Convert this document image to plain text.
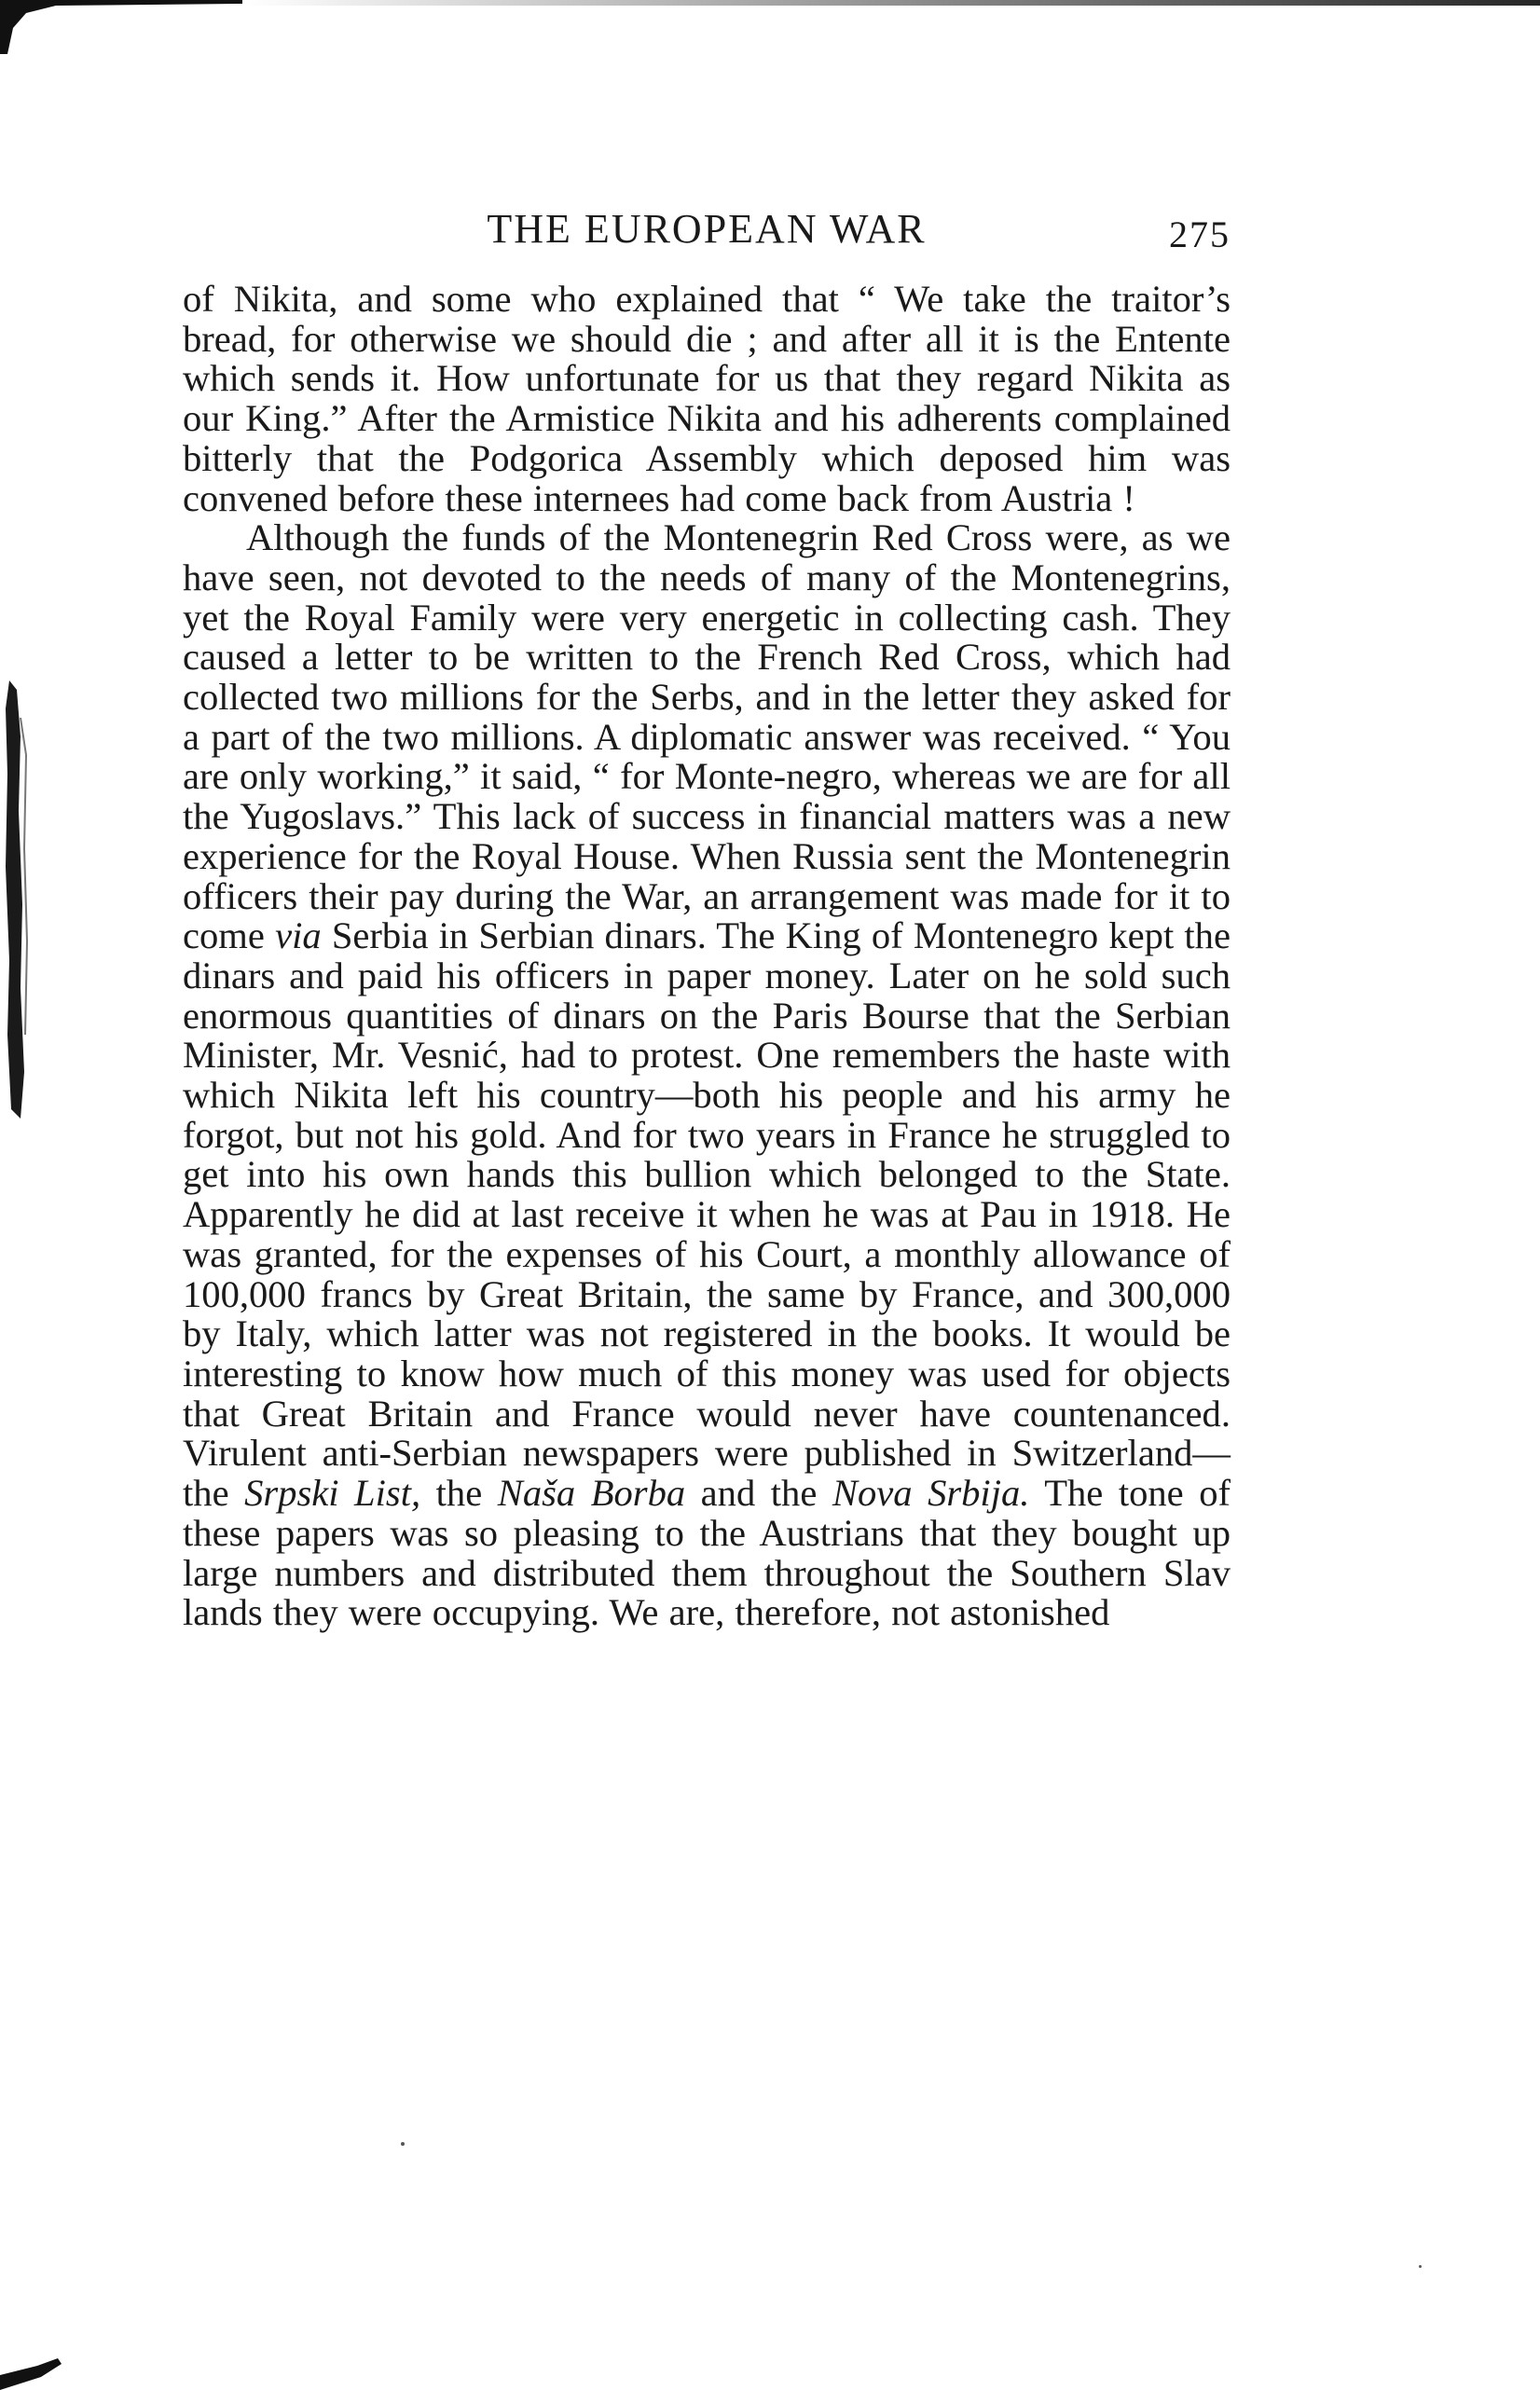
THE EUROPEAN WAR	275

of Nikita, and some who explained that “ We take the traitor’s bread, for otherwise we should die ; and after all it is the Entente which sends it. How unfortunate for us that they regard Nikita as our King.” After the Armistice Nikita and his adherents complained bitterly that the Podgorica Assembly which deposed him was convened before these internees had come back from Austria !

Although the funds of the Montenegrin Red Cross were, as we have seen, not devoted to the needs of many of the Montenegrins, yet the Royal Family were very energetic in collecting cash. They caused a letter to be written to the French Red Cross, which had collected two millions for the Serbs, and in the letter they asked for a part of the two millions. A diplomatic answer was received. “ You are only working,” it said, “ for Monte-negro, whereas we are for all the Yugoslavs.” This lack of success in financial matters was a new experience for the Royal House. When Russia sent the Montenegrin officers their pay during the War, an arrangement was made for it to come via Serbia in Serbian dinars. The King of Montenegro kept the dinars and paid his officers in paper money. Later on he sold such enormous quantities of dinars on the Paris Bourse that the Serbian Minister, Mr. Vesnić, had to protest. One remembers the haste with which Nikita left his country—both his people and his army he forgot, but not his gold. And for two years in France he struggled to get into his own hands this bullion which belonged to the State. Apparently he did at last receive it when he was at Pau in 1918. He was granted, for the expenses of his Court, a monthly allowance of 100,000 francs by Great Britain, the same by France, and 300,000 by Italy, which latter was not registered in the books. It would be interesting to know how much of this money was used for objects that Great Britain and France would never have countenanced. Virulent anti-Serbian newspapers were published in Switzerland—the Srpski List, the Naša Borba and the Nova Srbija. The tone of these papers was so pleasing to the Austrians that they bought up large numbers and distributed them throughout the Southern Slav lands they were occupying. We are, therefore, not astonished
